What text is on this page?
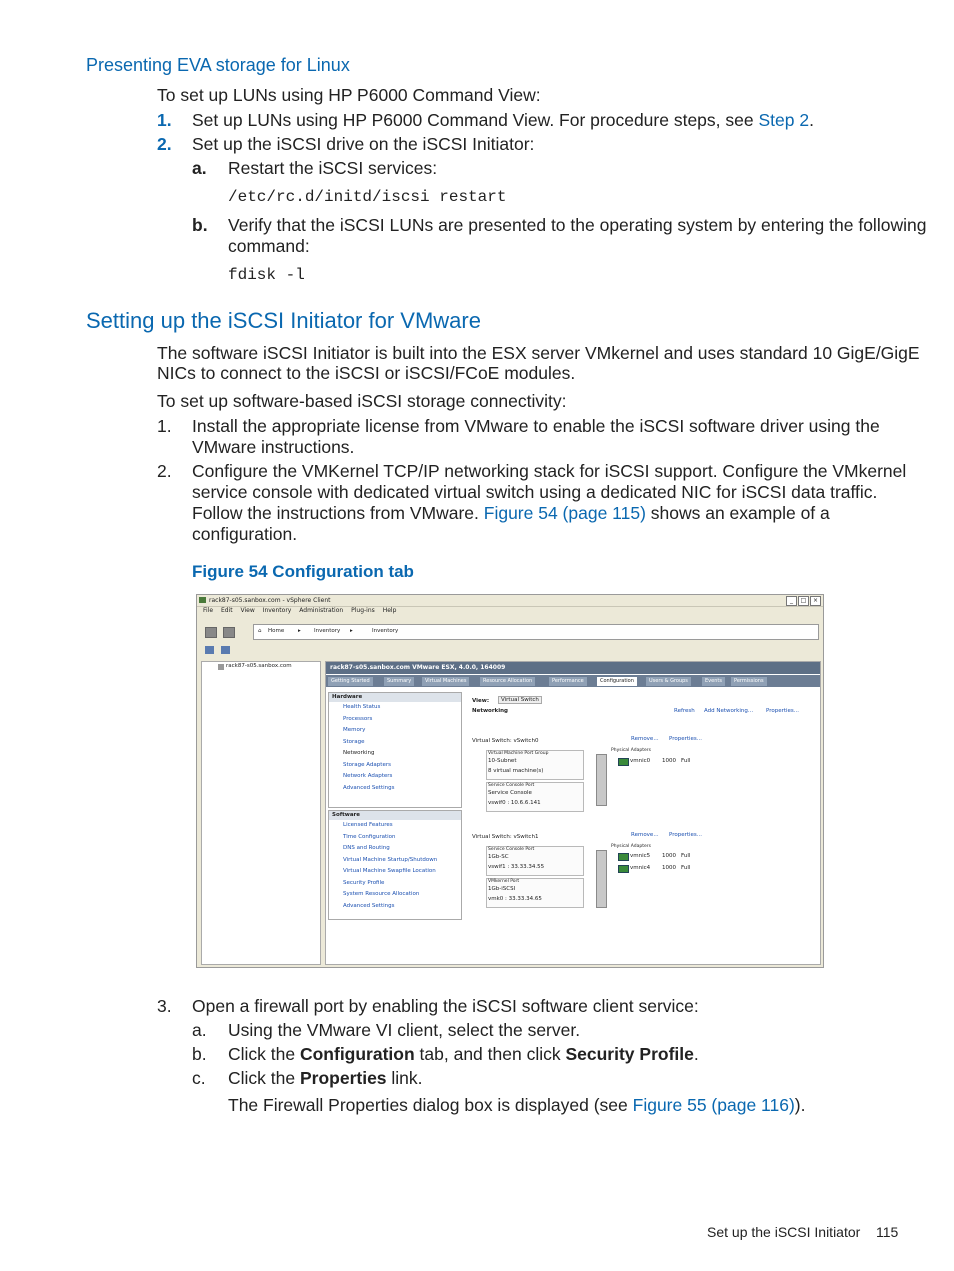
Presenting EVA storage for Linux
To set up LUNs using HP P6000 Command View:
1. Set up LUNs using HP P6000 Command View. For procedure steps, see Step 2.
2. Set up the iSCSI drive on the iSCSI Initiator:
a. Restart the iSCSI services:
/etc/rc.d/initd/iscsi restart
b. Verify that the iSCSI LUNs are presented to the operating system by entering the following
command:
fdisk -l
Setting up the iSCSI Initiator for VMware
The software iSCSI Initiator is built into the ESX server VMkernel and uses standard 10 GigE/GigE
NICs to connect to the iSCSI or iSCSI/FCoE modules.
To set up software-based iSCSI storage connectivity:
1. Install the appropriate license from VMware to enable the iSCSI software driver using the
VMware instructions.
2. Configure the VMKernel TCP/IP networking stack for iSCSI support. Configure the VMkernel
service console with dedicated virtual switch using a dedicated NIC for iSCSI data traffic.
Follow the instructions from VMware. Figure 54 (page 115) shows an example of a
configuration.
Figure 54 Configuration tab
rack87-s05.sanbox.com - vSphere Client	_ □ ×
File Edit View Inventory Administration Plug-ins Help
⌂ Home	▸ Inventory ▸	Inventory
rack87-s05.sanbox.com	rack87-s05.sanbox.com VMware ESX, 4.0.0, 164009
Getting Started	Summary	Virtual Machines	Resource Allocation	Performance	Configuration	Users & Groups	Events	Permissions
Hardware
Health Status
Processors
Memory
Storage
Networking
Storage Adapters
Network Adapters
Advanced Settings
Software
Licensed Features
Time Configuration
DNS and Routing
Virtual Machine Startup/Shutdown
Virtual Machine Swapfile Location
Security Profile
System Resource Allocation
Advanced Settings
View:	Virtual Switch
Networking	Refresh Add Networking... Properties...
Virtual Switch: vSwitch0	Remove... Properties...
Virtual Machine Port Group
10-Subnet
8 virtual machine(s)
Service Console Port
Service Console
vswif0 : 10.6.6.141
Physical Adapters
vmnic0 1000 Full
Virtual Switch: vSwitch1	Remove... Properties...
Service Console Port
1Gb-SC
vswif1 : 33.33.34.55
VMkernel Port
1Gb-iSCSI
vmk0 : 33.33.34.65
Physical Adapters
vmnic5 1000 Full
vmnic4 1000 Full
3. Open a firewall port by enabling the iSCSI software client service:
a. Using the VMware VI client, select the server.
b. Click the Configuration tab, and then click Security Profile.
c. Click the Properties link.
The Firewall Properties dialog box is displayed (see Figure 55 (page 116)).
Set up the iSCSI Initiator 115
